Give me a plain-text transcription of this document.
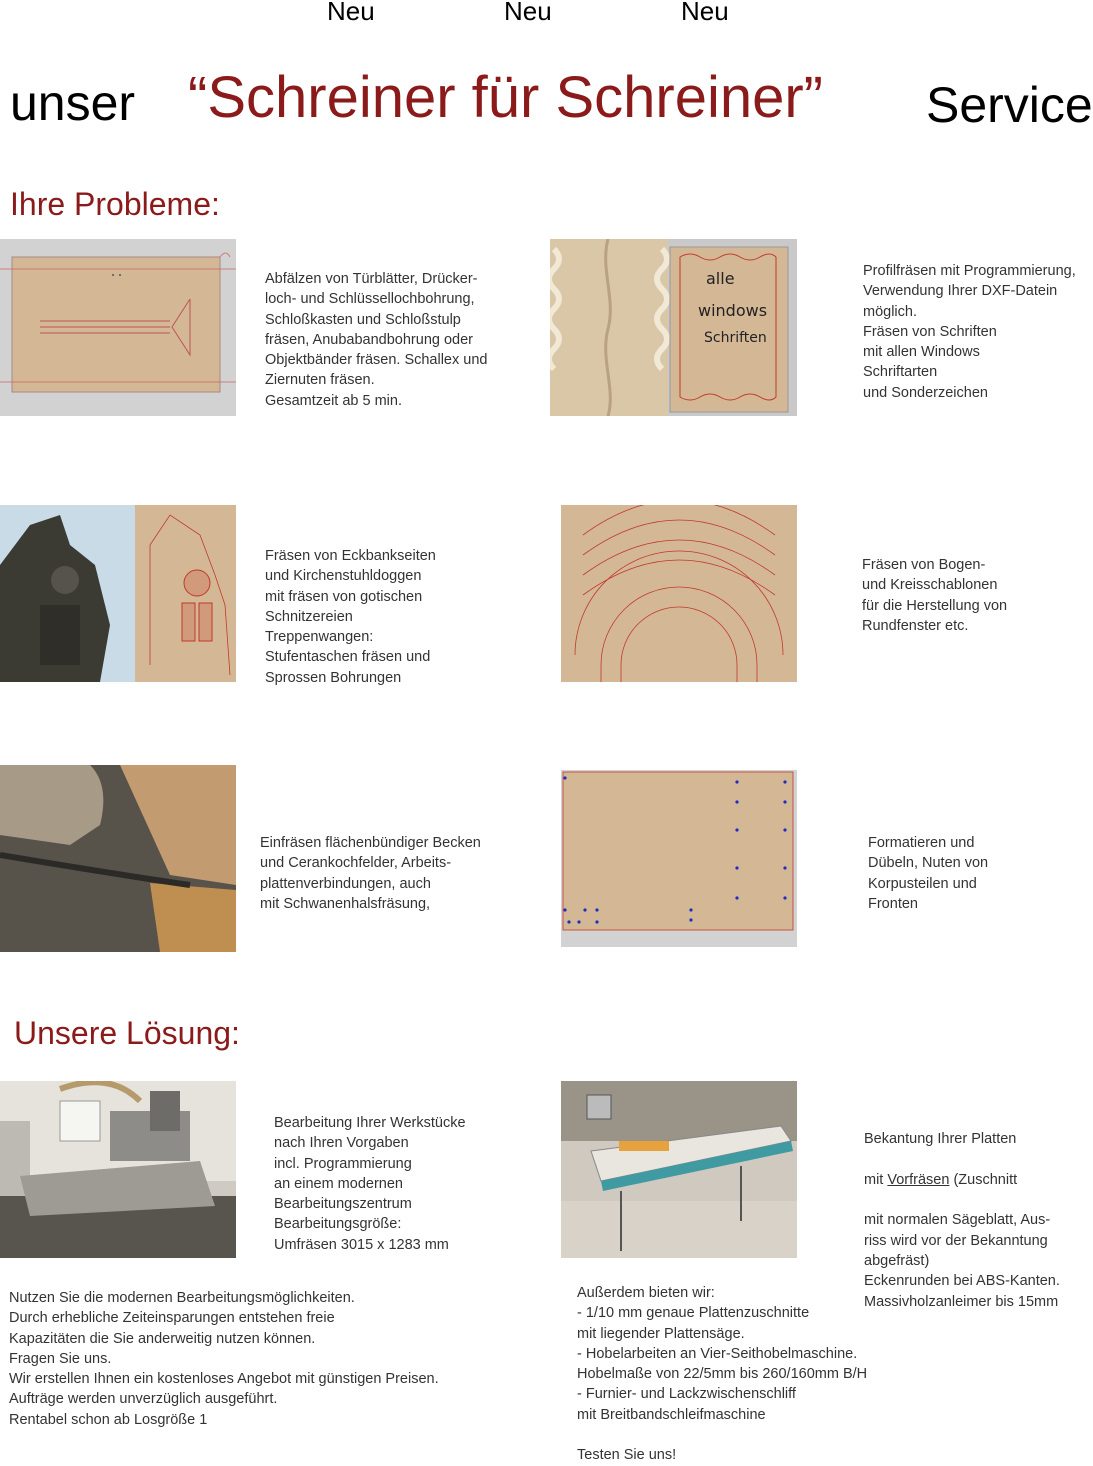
Neu	Neu	Neu
unser “Schreiner für Schreiner” Service
Ihre Probleme:
Abfälzen von Türblätter, Drücker-
loch- und Schlüssellochbohrung,
Schloßkasten und Schloßstulp
fräsen, Anubabandbohrung oder
Objektbänder fräsen. Schallex und
Ziernuten fräsen.
Gesamtzeit ab 5 min.
alle
windows
Schriften
Profilfräsen mit Programmierung,
Verwendung Ihrer DXF-Datein
möglich.
Fräsen von Schriften
mit allen Windows
Schriftarten
und Sonderzeichen
Fräsen von Eckbankseiten
und Kirchenstuhldoggen
mit fräsen von gotischen
Schnitzereien
Treppenwangen:
Stufentaschen fräsen und
Sprossen Bohrungen
Fräsen von Bogen-
und Kreisschablonen
für die Herstellung von
Rundfenster etc.
Einfräsen flächenbündiger Becken
und Cerankochfelder, Arbeits-
plattenverbindungen, auch
mit Schwanenhalsfräsung,
Formatieren und
Dübeln, Nuten von
Korpusteilen und
Fronten
Unsere Lösung:
Bearbeitung Ihrer Werkstücke
nach Ihren Vorgaben
incl. Programmierung
an einem modernen
Bearbeitungszentrum
Bearbeitungsgröße:
Umfräsen 3015 x 1283 mm

Bekantung Ihrer Platten

mit Vorfräsen (Zuschnitt

mit normalen Sägeblatt, Aus-
riss wird vor der Bekanntung
abgefräst)
Eckenrunden bei ABS-Kanten.
Massivholzanleimer bis 15mm

Nutzen Sie die modernen Bearbeitungsmöglichkeiten.
Durch erhebliche Zeiteinsparungen entstehen freie
Kapazitäten die Sie anderweitig nutzen können.
Fragen Sie uns.
Wir erstellen Ihnen ein kostenloses Angebot mit günstigen Preisen.
Aufträge werden unverzüglich ausgeführt.
Rentabel schon ab Losgröße 1
Außerdem bieten wir:
- 1/10 mm genaue Plattenzuschnitte
mit liegender Plattensäge.
- Hobelarbeiten an Vier-Seithobelmaschine.
Hobelmaße von 22/5mm bis 260/160mm B/H
- Furnier- und Lackzwischenschliff
mit Breitbandschleifmaschine

Testen Sie uns!
